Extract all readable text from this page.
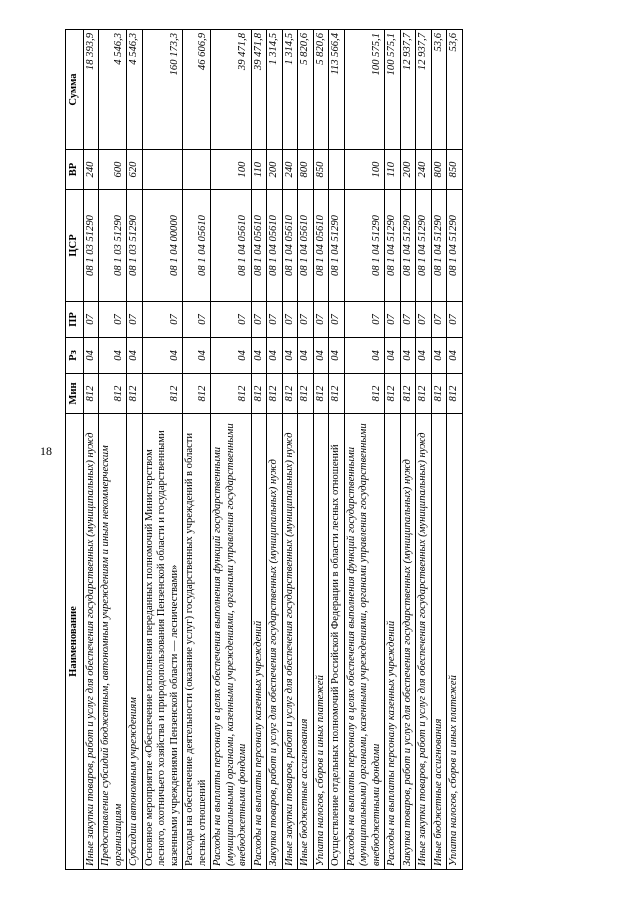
18
Наименование	Мин	Рз	ПР	ЦСР	ВР	Сумма
Иные закупки товаров, работ и услуг для обеспечения государственных (муниципальных) нужд	812	04	07	08 1 03 51290	240	18 393,9
Предоставление субсидий бюджетным, автономным учреждениям и иным некоммерческим организациям	812	04	07	08 1 03 51290	600	4 546,3
Субсидии автономным учреждениям	812	04	07	08 1 03 51290	620	4 546,3
Основное мероприятие «Обеспечение исполнения переданных полномочий Министерством лесного, охотничьего хозяйства и природопользования Пензенской области и государственными казенными учреждениями Пензенской области — лесничествами»	812	04	07	08 1 04 00000		160 173,3
Расходы на обеспечение деятельности (оказание услуг) государственных учреждений в области лесных отношений	812	04	07	08 1 04 05610		46 606,9
Расходы на выплаты персоналу в целях обеспечения выполнения функций государственными (муниципальными) органами, казенными учреждениями, органами управления государственными внебюджетными фондами	812	04	07	08 1 04 05610	100	39 471,8
Расходы на выплаты персоналу казенных учреждений	812	04	07	08 1 04 05610	110	39 471,8
Закупка товаров, работ и услуг для обеспечения государственных (муниципальных) нужд	812	04	07	08 1 04 05610	200	1 314,5
Иные закупки товаров, работ и услуг для обеспечения государственных (муниципальных) нужд	812	04	07	08 1 04 05610	240	1 314,5
Иные бюджетные ассигнования	812	04	07	08 1 04 05610	800	5 820,6
Уплата налогов, сборов и иных платежей	812	04	07	08 1 04 05610	850	5 820,6
Осуществление отдельных полномочий Российской Федерации в области лесных отношений	812	04	07	08 1 04 51290		113 566,4
Расходы на выплаты персоналу в целях обеспечения выполнения функций государственными (муниципальными) органами, казенными учреждениями, органами управления государственными внебюджетными фондами	812	04	07	08 1 04 51290	100	100 575,1
Расходы на выплаты персоналу казенных учреждений	812	04	07	08 1 04 51290	110	100 575,1
Закупка товаров, работ и услуг для обеспечения государственных (муниципальных) нужд	812	04	07	08 1 04 51290	200	12 937,7
Иные закупки товаров, работ и услуг для обеспечения государственных (муниципальных) нужд	812	04	07	08 1 04 51290	240	12 937,7
Иные бюджетные ассигнования	812	04	07	08 1 04 51290	800	53,6
Уплата налогов, сборов и иных платежей	812	04	07	08 1 04 51290	850	53,6
